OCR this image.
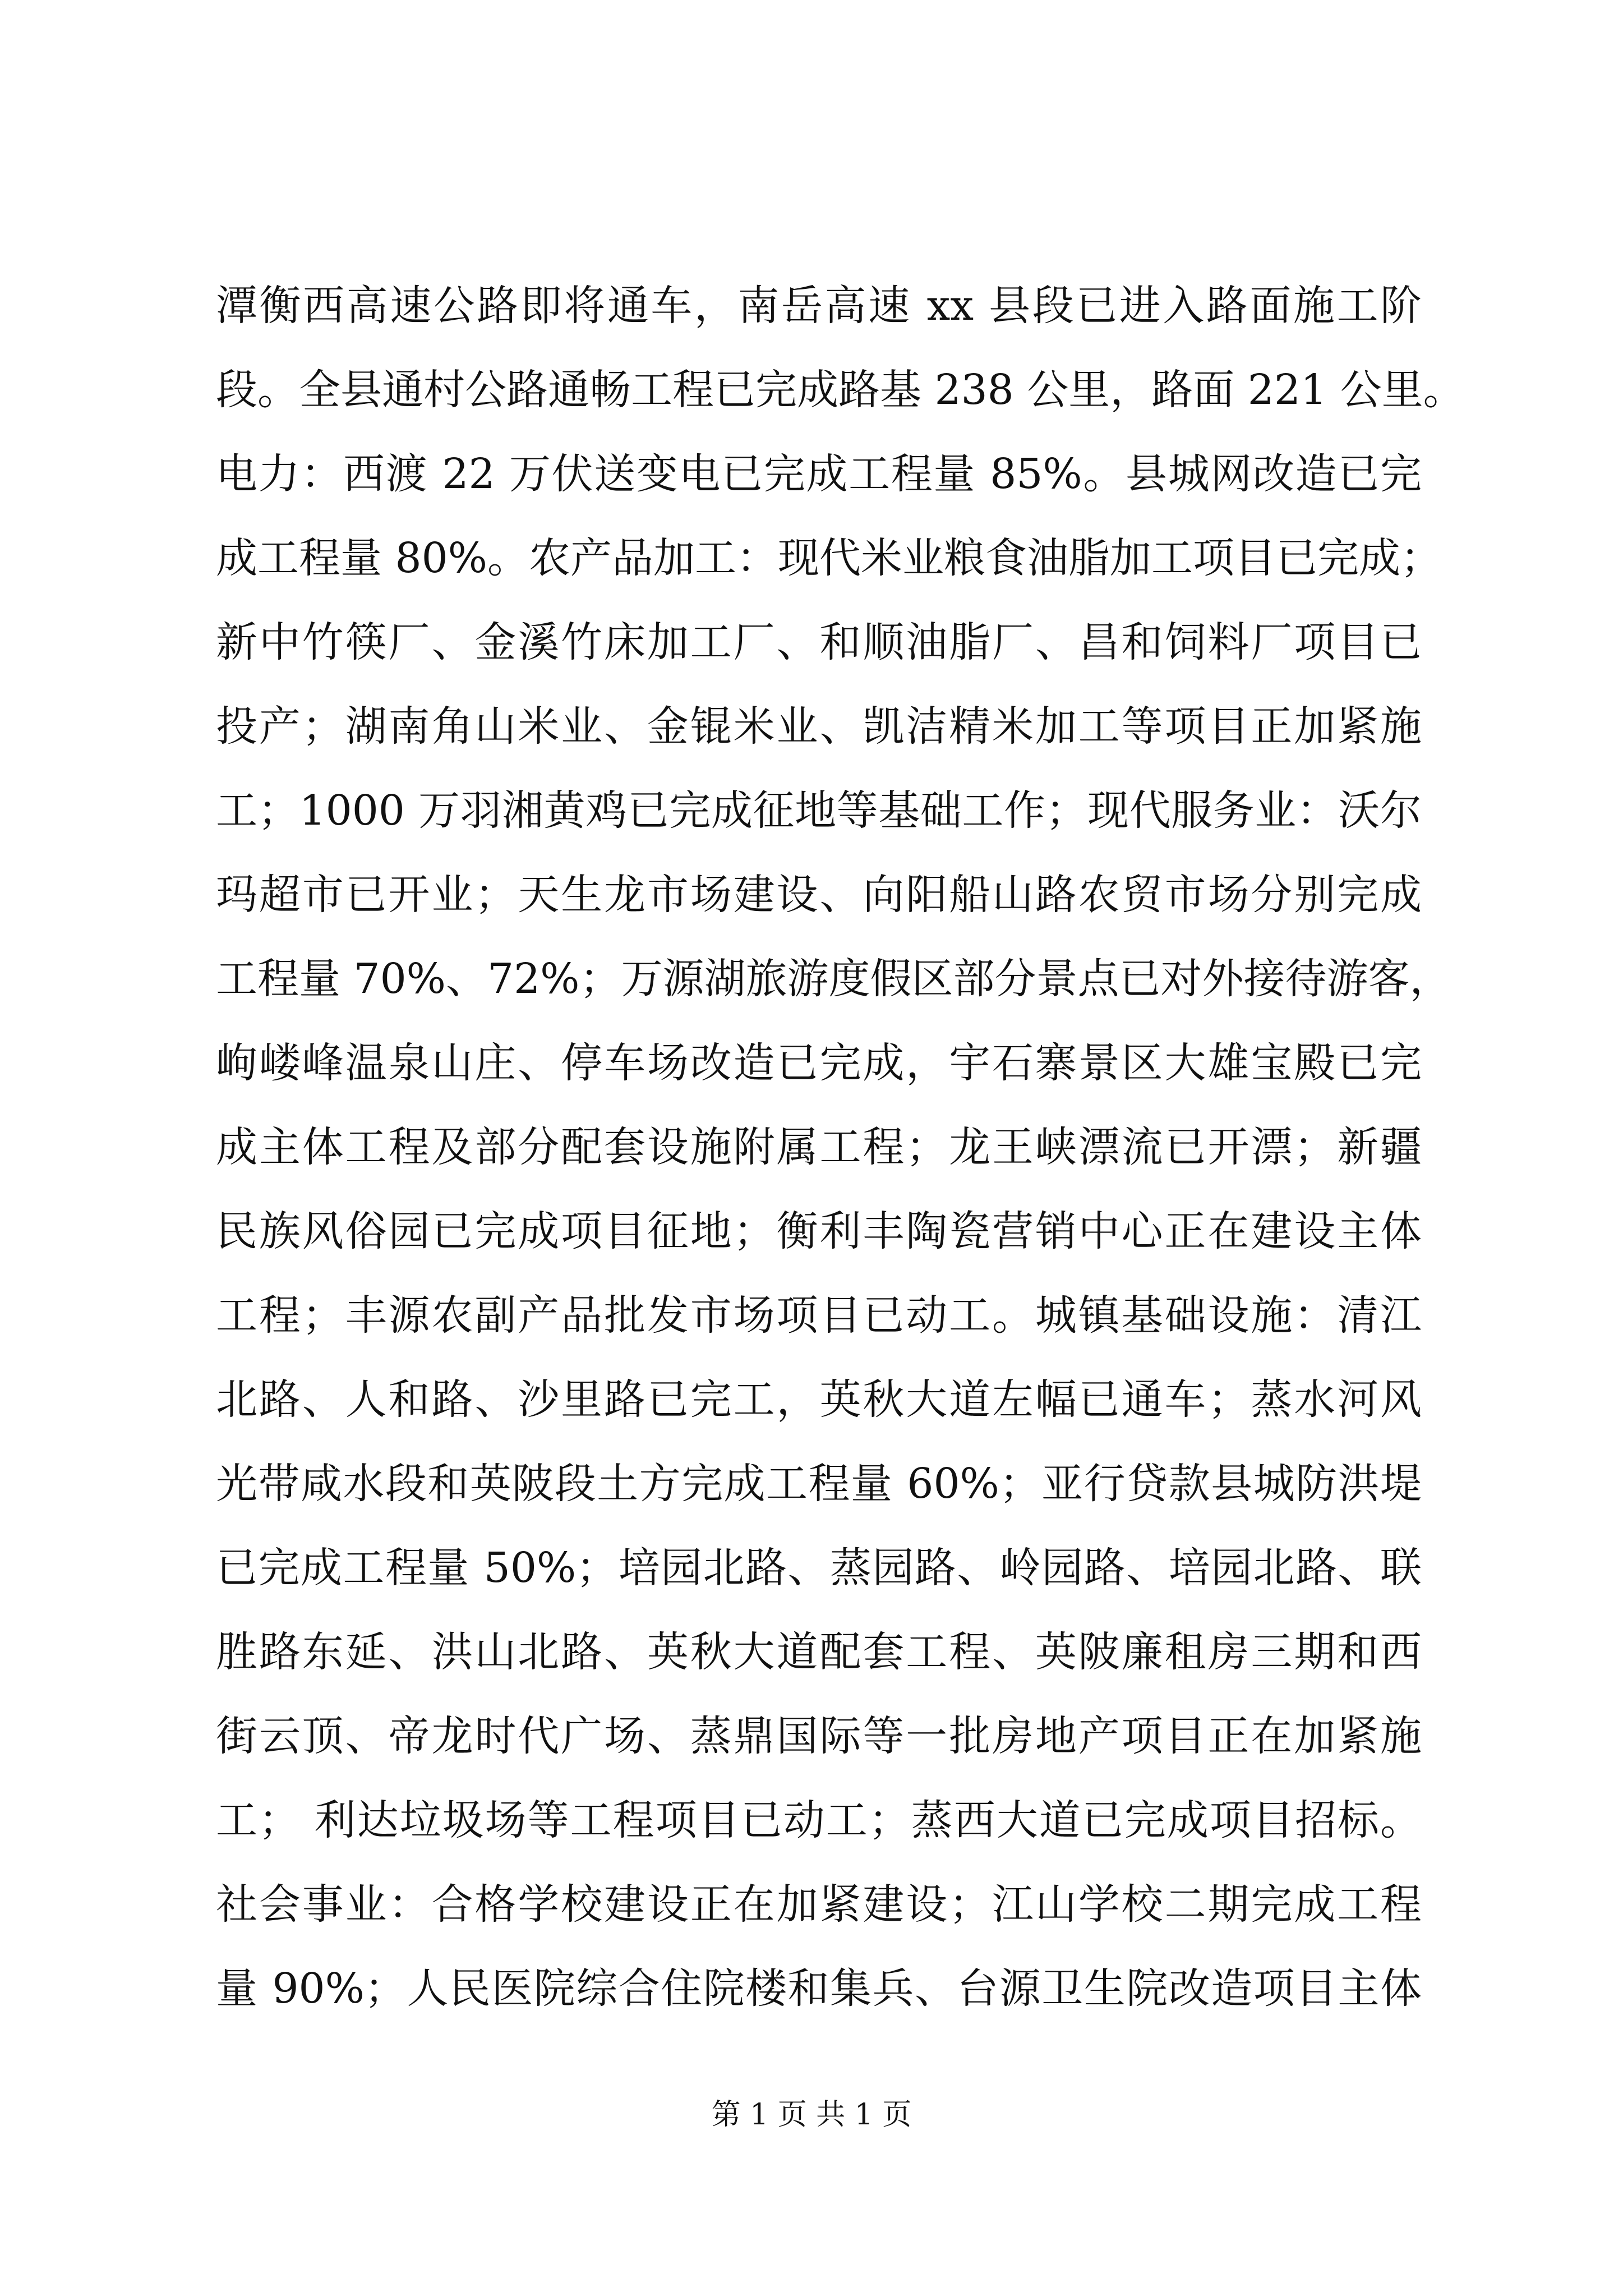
潭衡西高速公路即将通车，南岳高速 xx 县段已进入路面施工阶
段。全县通村公路通畅工程已完成路基 238 公里，路面 221 公里。
电力：西渡 22 万伏送变电已完成工程量 85%。县城网改造已完
成工程量 80%。农产品加工：现代米业粮食油脂加工项目已完成；
新中竹筷厂、金溪竹床加工厂、和顺油脂厂、昌和饲料厂项目已
投产；湖南角山米业、金锟米业、凯洁精米加工等项目正加紧施
工；1000 万羽湘黄鸡已完成征地等基础工作；现代服务业：沃尔
玛超市已开业；天生龙市场建设、向阳船山路农贸市场分别完成
工程量 70%、72%；万源湖旅游度假区部分景点已对外接待游客，
岣嵝峰温泉山庄、停车场改造已完成，宇石寨景区大雄宝殿已完
成主体工程及部分配套设施附属工程；龙王峡漂流已开漂；新疆
民族风俗园已完成项目征地；衡利丰陶瓷营销中心正在建设主体
工程；丰源农副产品批发市场项目已动工。城镇基础设施：清江
北路、人和路、沙里路已完工，英秋大道左幅已通车；蒸水河风
光带咸水段和英陂段土方完成工程量 60%；亚行贷款县城防洪堤
已完成工程量 50%；培园北路、蒸园路、岭园路、培园北路、联
胜路东延、洪山北路、英秋大道配套工程、英陂廉租房三期和西
街云顶、帝龙时代广场、蒸鼎国际等一批房地产项目正在加紧施
工； 利达垃圾场等工程项目已动工；蒸西大道已完成项目招标。
社会事业：合格学校建设正在加紧建设；江山学校二期完成工程
量 90%；人民医院综合住院楼和集兵、台源卫生院改造项目主体
第 1 页 共 1 页
